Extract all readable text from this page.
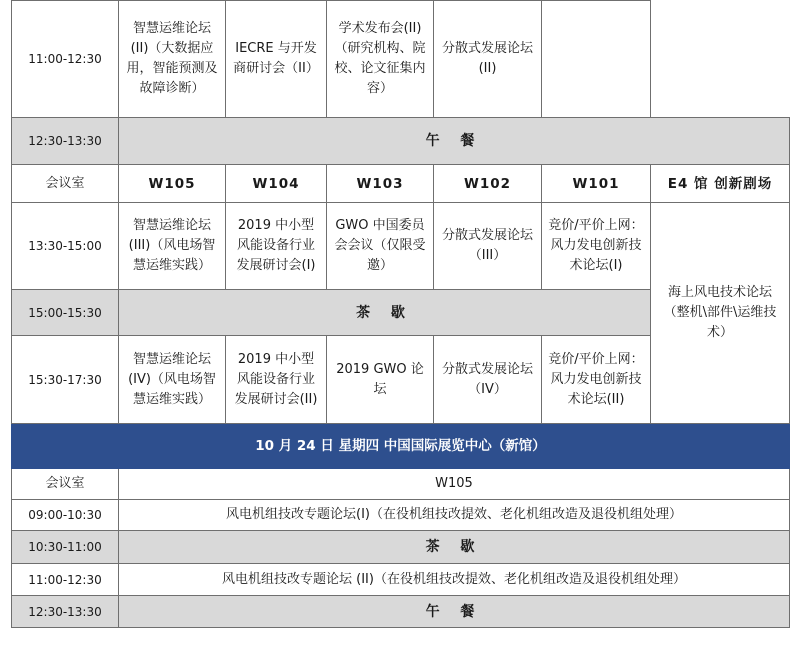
11:00-12:30	智慧运维论坛(II)（大数据应用，智能预测及故障诊断）	IECRE 与开发商研讨会（II）	学术发布会(II)（研究机构、院校、论文征集内容）	分散式发展论坛(II)		
12:30-13:30	午 餐					
会议室	W105	W104	W103	W102	W101	E4 馆 创新剧场
13:30-15:00	智慧运维论坛(III)（风电场智慧运维实践）	2019 中小型风能设备行业发展研讨会(I)	GWO 中国委员会会议（仅限受邀）	分散式发展论坛（III）	竞价/平价上网：风力发电创新技术论坛(I)	海上风电技术论坛（整机\部件\运维技术）
15:00-15:30	茶 歇					
15:30-17:30	智慧运维论坛(IV)（风电场智慧运维实践）	2019 中小型风能设备行业发展研讨会(II)	2019 GWO 论坛	分散式发展论坛（IV）	竞价/平价上网：风力发电创新技术论坛(II)	
10 月 24 日 星期四 中国国际展览中心（新馆）						
会议室	W105					
09:00-10:30	风电机组技改专题论坛(I)（在役机组技改提效、老化机组改造及退役机组处理）					
10:30-11:00	茶 歇					
11:00-12:30	风电机组技改专题论坛 (II)（在役机组技改提效、老化机组改造及退役机组处理）					
12:30-13:30	午 餐					
